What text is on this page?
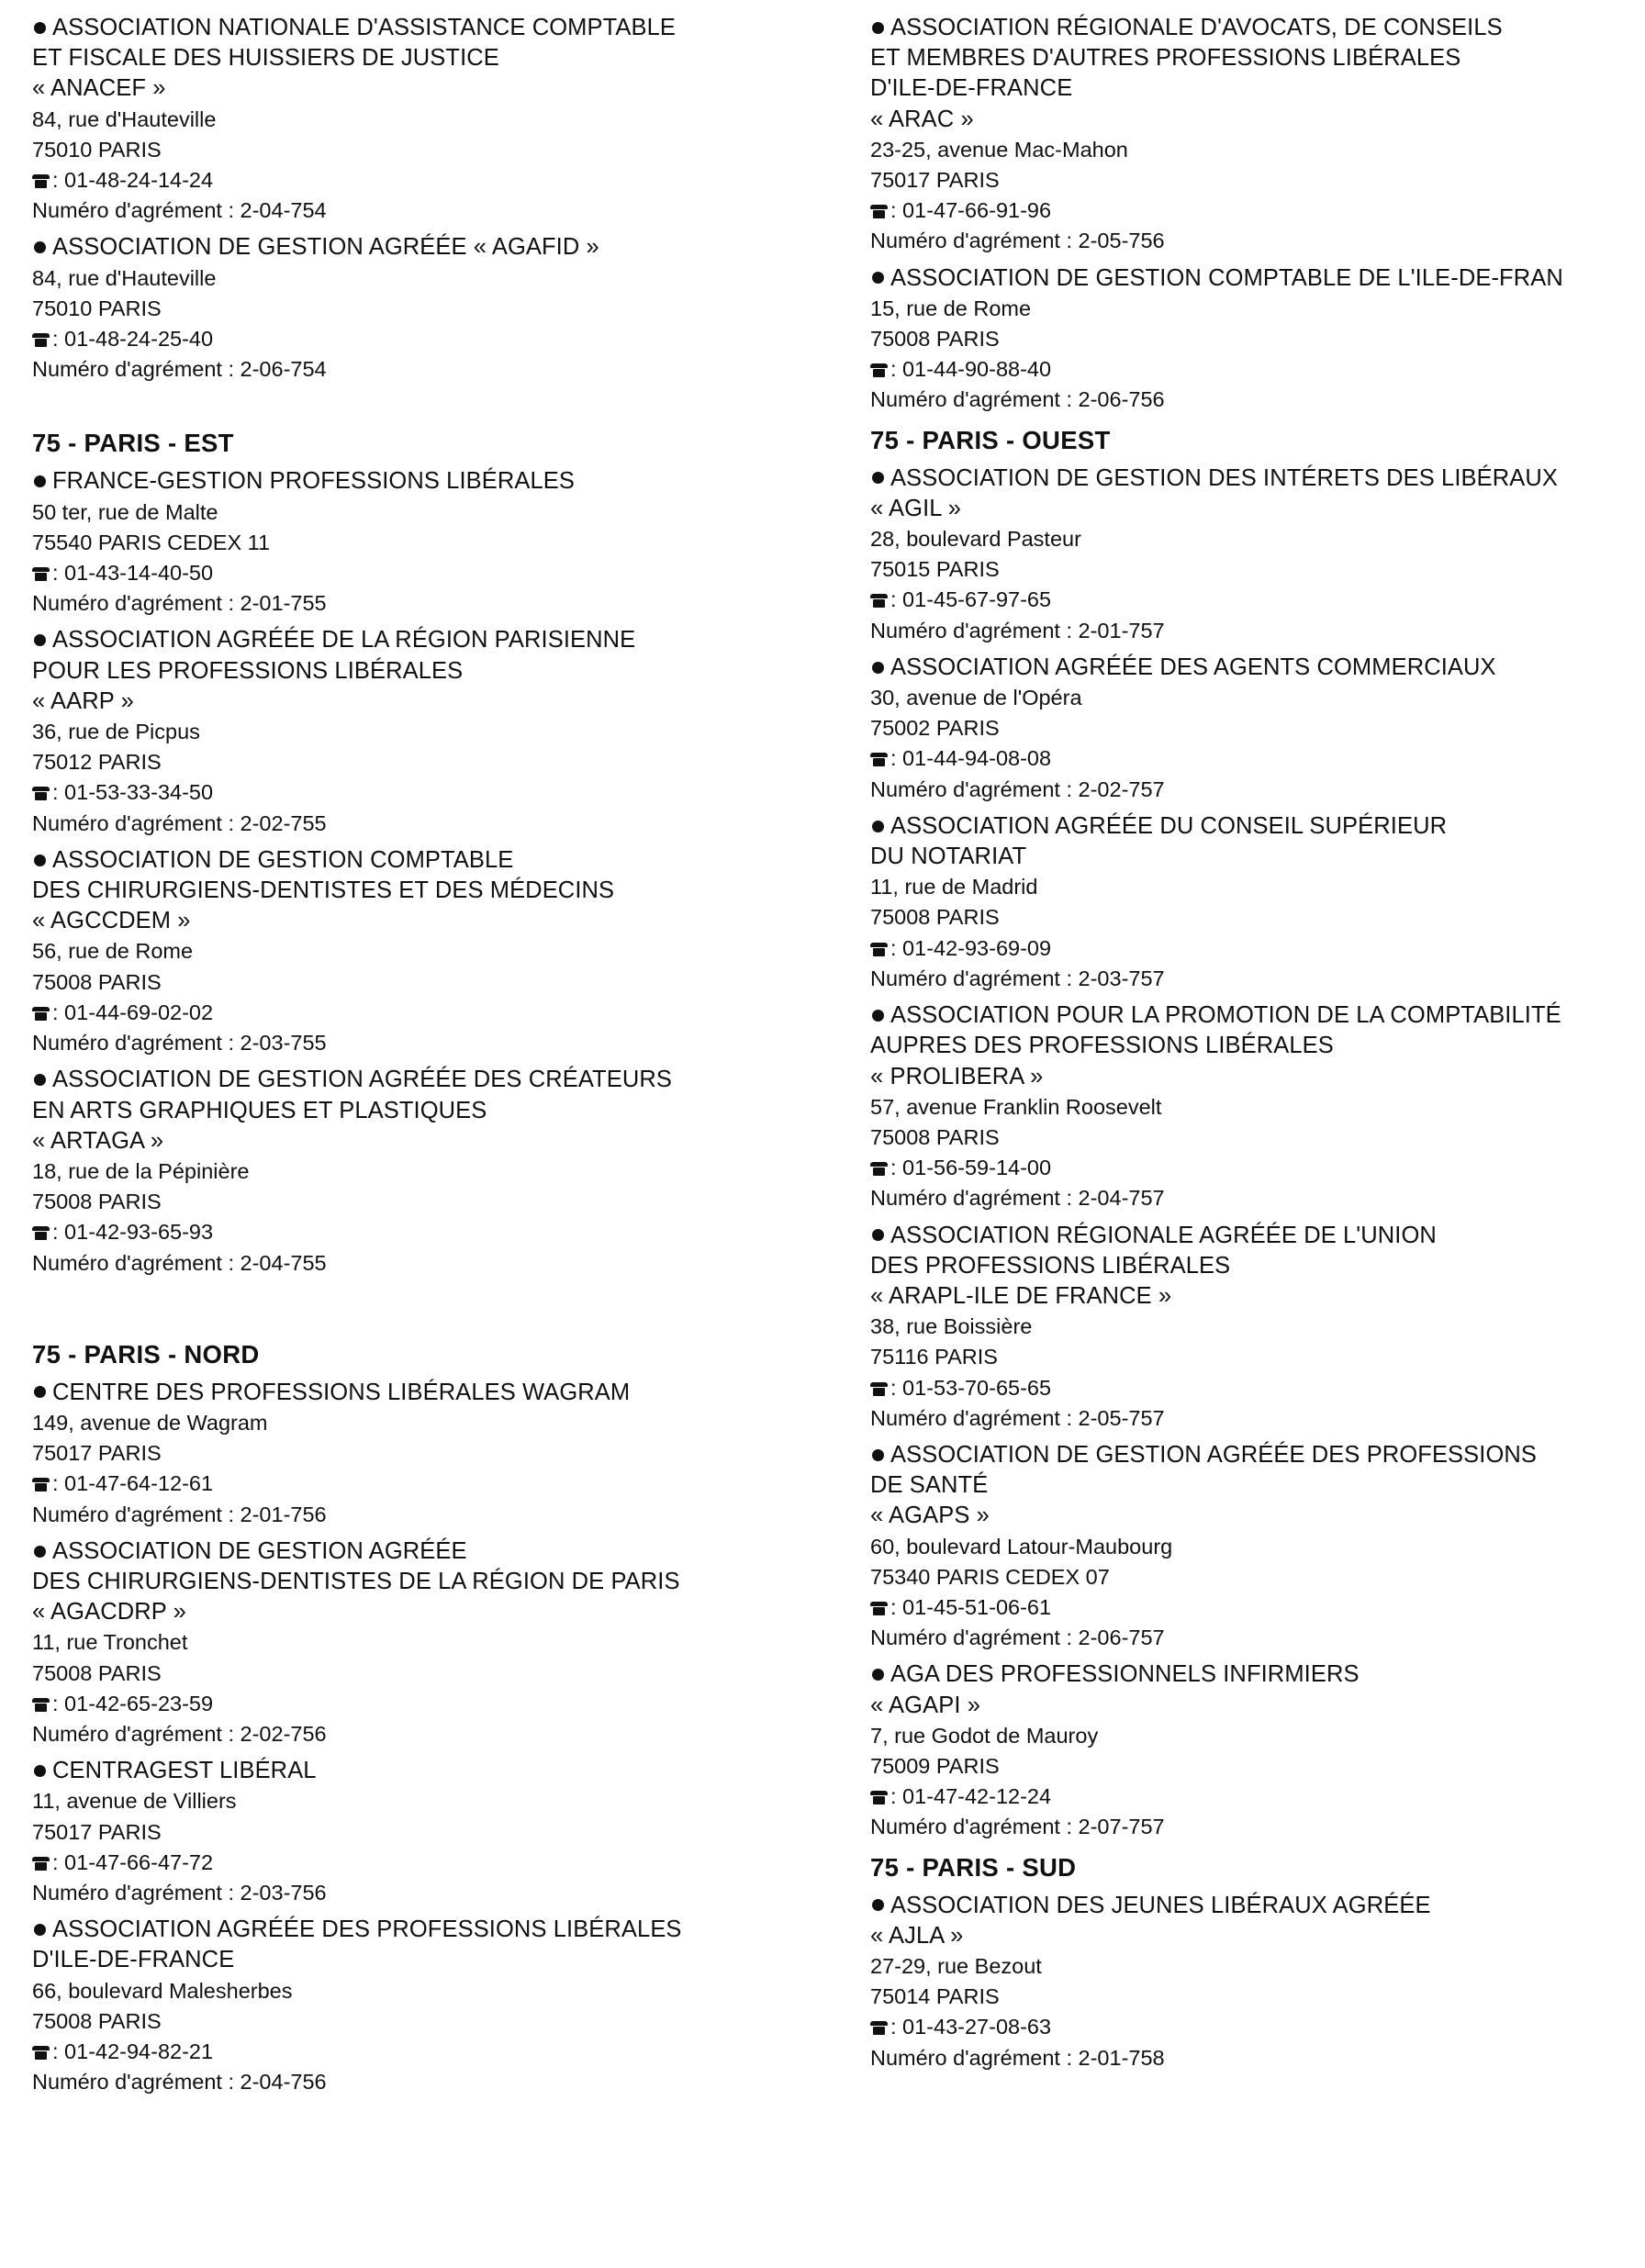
ASSOCIATION NATIONALE D'ASSISTANCE COMPTABLE
ET FISCALE DES HUISSIERS DE JUSTICE
« ANACEF »
84, rue d'Hauteville
75010 PARIS
: 01-48-24-14-24
Numéro d'agrément : 2-04-754
ASSOCIATION DE GESTION AGRÉÉE « AGAFID »
84, rue d'Hauteville
75010 PARIS
: 01-48-24-25-40
Numéro d'agrément : 2-06-754
75 - PARIS - EST
FRANCE-GESTION PROFESSIONS LIBÉRALES
50 ter, rue de Malte
75540 PARIS CEDEX 11
: 01-43-14-40-50
Numéro d'agrément : 2-01-755
ASSOCIATION AGRÉÉE DE LA RÉGION PARISIENNE
POUR LES PROFESSIONS LIBÉRALES
« AARP »
36, rue de Picpus
75012 PARIS
: 01-53-33-34-50
Numéro d'agrément : 2-02-755
ASSOCIATION DE GESTION COMPTABLE
DES CHIRURGIENS-DENTISTES ET DES MÉDECINS
« AGCCDEM »
56, rue de Rome
75008 PARIS
: 01-44-69-02-02
Numéro d'agrément : 2-03-755
ASSOCIATION DE GESTION AGRÉÉE DES CRÉATEURS
EN ARTS GRAPHIQUES ET PLASTIQUES
« ARTAGA »
18, rue de la Pépinière
75008 PARIS
: 01-42-93-65-93
Numéro d'agrément : 2-04-755
75 - PARIS - NORD
CENTRE DES PROFESSIONS LIBÉRALES WAGRAM
149, avenue de Wagram
75017 PARIS
: 01-47-64-12-61
Numéro d'agrément : 2-01-756
ASSOCIATION DE GESTION AGRÉÉE
DES CHIRURGIENS-DENTISTES DE LA RÉGION DE PARIS
« AGACDRP »
11, rue Tronchet
75008 PARIS
: 01-42-65-23-59
Numéro d'agrément : 2-02-756
CENTRAGEST LIBÉRAL
11, avenue de Villiers
75017 PARIS
: 01-47-66-47-72
Numéro d'agrément : 2-03-756
ASSOCIATION AGRÉÉE DES PROFESSIONS LIBÉRALES
D'ILE-DE-FRANCE
66, boulevard Malesherbes
75008 PARIS
: 01-42-94-82-21
Numéro d'agrément : 2-04-756
ASSOCIATION RÉGIONALE D'AVOCATS, DE CONSEILS
ET MEMBRES D'AUTRES PROFESSIONS LIBÉRALES
D'ILE-DE-FRANCE
« ARAC »
23-25, avenue Mac-Mahon
75017 PARIS
: 01-47-66-91-96
Numéro d'agrément : 2-05-756
ASSOCIATION DE GESTION COMPTABLE DE L'ILE-DE-FRAN
15, rue de Rome
75008 PARIS
: 01-44-90-88-40
Numéro d'agrément : 2-06-756
75 - PARIS - OUEST
ASSOCIATION DE GESTION DES INTÉRETS DES LIBÉRAUX
« AGIL »
28, boulevard Pasteur
75015 PARIS
: 01-45-67-97-65
Numéro d'agrément : 2-01-757
ASSOCIATION AGRÉÉE DES AGENTS COMMERCIAUX
30, avenue de l'Opéra
75002 PARIS
: 01-44-94-08-08
Numéro d'agrément : 2-02-757
ASSOCIATION AGRÉÉE DU CONSEIL SUPÉRIEUR
DU NOTARIAT
11, rue de Madrid
75008 PARIS
: 01-42-93-69-09
Numéro d'agrément : 2-03-757
ASSOCIATION POUR LA PROMOTION DE LA COMPTABILITÉ
AUPRES DES PROFESSIONS LIBÉRALES
« PROLIBERA »
57, avenue Franklin Roosevelt
75008 PARIS
: 01-56-59-14-00
Numéro d'agrément : 2-04-757
ASSOCIATION RÉGIONALE AGRÉÉE DE L'UNION
DES PROFESSIONS LIBÉRALES
« ARAPL-ILE DE FRANCE »
38, rue Boissière
75116 PARIS
: 01-53-70-65-65
Numéro d'agrément : 2-05-757
ASSOCIATION DE GESTION AGRÉÉE DES PROFESSIONS
DE SANTÉ
« AGAPS »
60, boulevard Latour-Maubourg
75340 PARIS CEDEX 07
: 01-45-51-06-61
Numéro d'agrément : 2-06-757
AGA DES PROFESSIONNELS INFIRMIERS
« AGAPI »
7, rue Godot de Mauroy
75009 PARIS
: 01-47-42-12-24
Numéro d'agrément : 2-07-757
75 - PARIS - SUD
ASSOCIATION DES JEUNES LIBÉRAUX AGRÉÉE
« AJLA »
27-29, rue Bezout
75014 PARIS
: 01-43-27-08-63
Numéro d'agrément : 2-01-758
